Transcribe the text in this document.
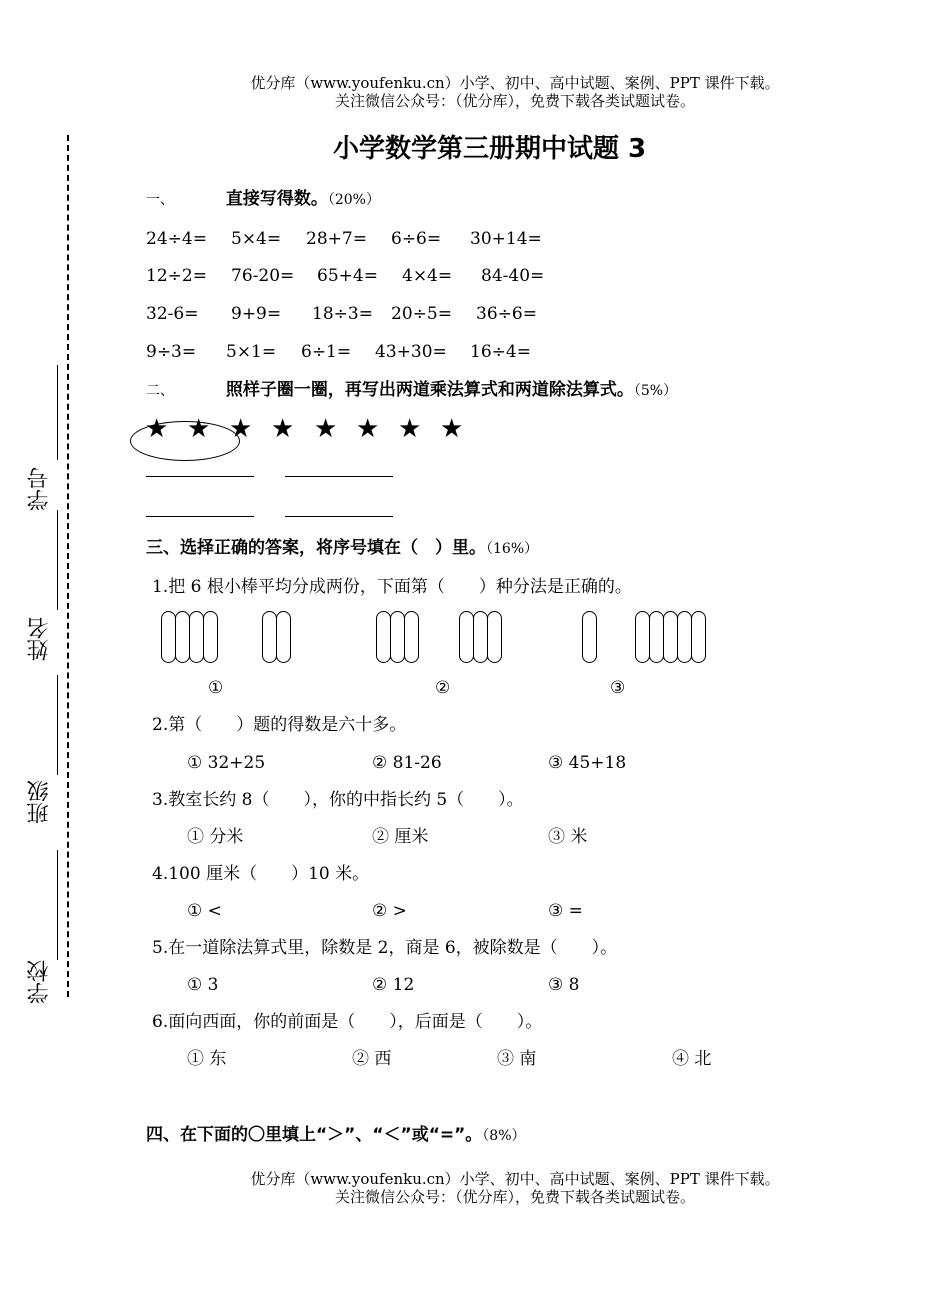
优分库（www.youfenku.cn）小学、初中、高中试题、案例、PPT 课件下载。
关注微信公众号：（优分库），免费下载各类试题试卷。
小学数学第三册期中试题 3
学校
班级
姓名
学号
一、	直接写得数。（20%）
24÷4= 5×4= 28+7= 6÷6= 30+14=
12÷2= 76-20= 65+4= 4×4= 84-40=
32-6= 9+9= 18÷3= 20÷5= 36÷6=
9÷3= 5×1= 6÷1= 43+30= 16÷4=
二、	照样子圈一圈，再写出两道乘法算式和两道除法算式。（5%）
★ ★ ★ ★ ★ ★ ★ ★
三、选择正确的答案，将序号填在（　）里。（16%）
1.把 6 根小棒平均分成两份，下面第（　　）种分法是正确的。
①	②	③
2.第（　　）题的得数是六十多。
① 32+25	② 81-26	③ 45+18
3.教室长约 8（　　），你的中指长约 5（　　）。
① 分米	② 厘米	③ 米
4.100 厘米（　　）10 米。
① <	② >	③ =
5.在一道除法算式里，除数是 2，商是 6，被除数是（　　）。
① 3	② 12	③ 8
6.面向西面，你的前面是（　　），后面是（　　）。
① 东	② 西	③ 南	④ 北
四、在下面的〇里填上“＞”、“＜”或“=”。（8%）
优分库（www.youfenku.cn）小学、初中、高中试题、案例、PPT 课件下载。
关注微信公众号：（优分库），免费下载各类试题试卷。
